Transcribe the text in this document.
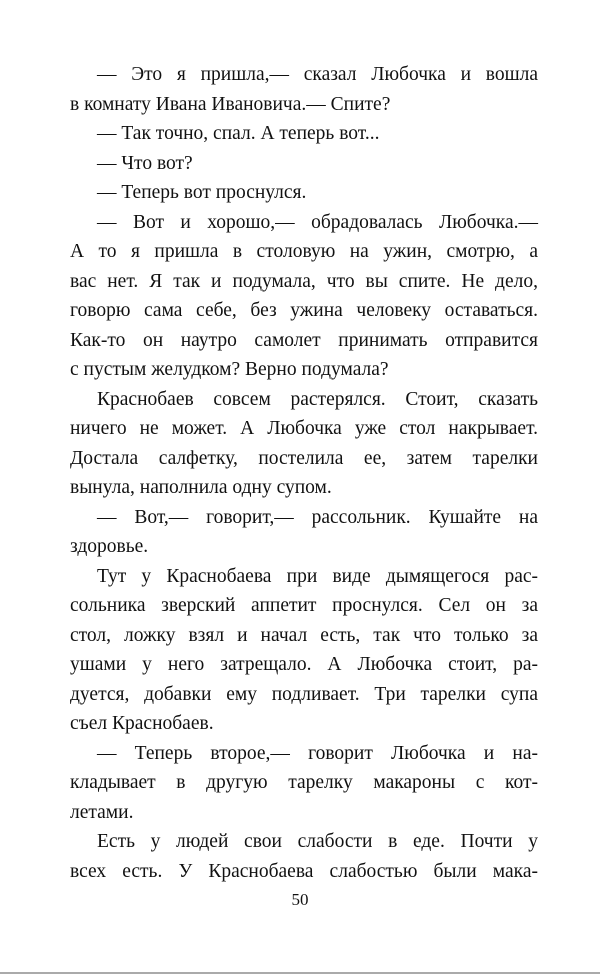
— Это я пришла,— сказал Любочка и вошла
в комнату Ивана Ивановича.— Спите?
— Так точно, спал. А теперь вот...
— Что вот?
— Теперь вот проснулся.
— Вот и хорошо,— обрадовалась Любочка.—
А то я пришла в столовую на ужин, смотрю, а
вас нет. Я так и подумала, что вы спите. Не дело,
говорю сама себе, без ужина человеку оставаться.
Как-то он наутро самолет принимать отправится
с пустым желудком? Верно подумала?
Краснобаев совсем растерялся. Стоит, сказать
ничего не может. А Любочка уже стол накрывает.
Достала салфетку, постелила ее, затем тарелки
вынула, наполнила одну супом.
— Вот,— говорит,— рассольник. Кушайте на
здоровье.
Тут у Краснобаева при виде дымящегося рас-
сольника зверский аппетит проснулся. Сел он за
стол, ложку взял и начал есть, так что только за
ушами у него затрещало. А Любочка стоит, ра-
дуется, добавки ему подливает. Три тарелки супа
съел Краснобаев.
— Теперь второе,— говорит Любочка и на-
кладывает в другую тарелку макароны с кот-
летами.
Есть у людей свои слабости в еде. Почти у
всех есть. У Краснобаева слабостью были мака-
50
